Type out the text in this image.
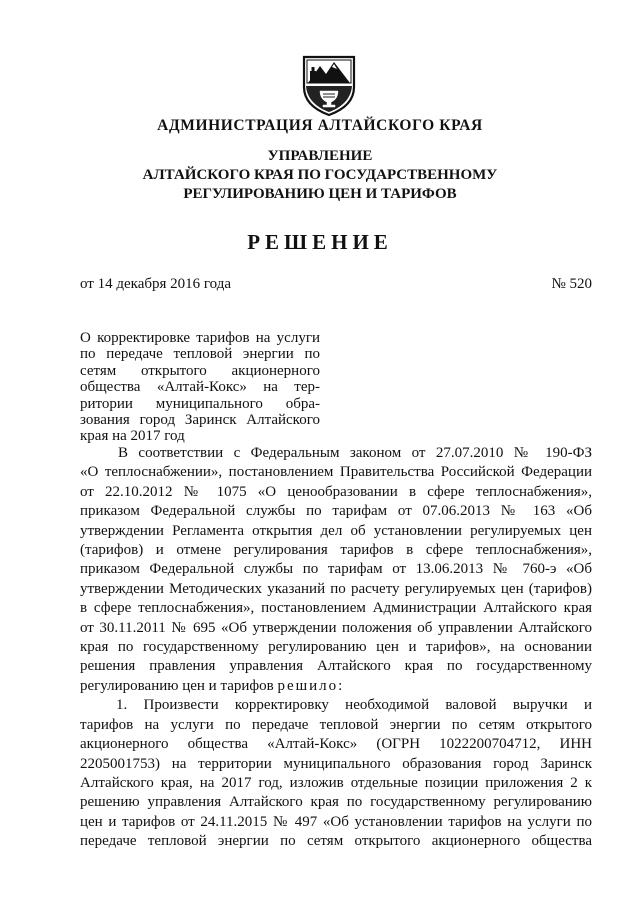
АДМИНИСТРАЦИЯ АЛТАЙСКОГО КРАЯ
УПРАВЛЕНИЕ
АЛТАЙСКОГО КРАЯ ПО ГОСУДАРСТВЕННОМУ
РЕГУЛИРОВАНИЮ ЦЕН И ТАРИФОВ
РЕШЕНИЕ
от 14 декабря 2016 года	№ 520
О корректировке тарифов на услуги
по передаче тепловой энергии по
сетям открытого акционерного
общества «Алтай-Кокс» на тер-
ритории муниципального обра-
зования город Заринск Алтайского
края на 2017 год
В соответствии с Федеральным законом от 27.07.2010 № 190-ФЗ
«О теплоснабжении», постановлением Правительства Российской Федерации
от 22.10.2012 № 1075 «О ценообразовании в сфере теплоснабжения»,
приказом Федеральной службы по тарифам от 07.06.2013 № 163 «Об
утверждении Регламента открытия дел об установлении регулируемых цен
(тарифов) и отмене регулирования тарифов в сфере теплоснабжения»,
приказом Федеральной службы по тарифам от 13.06.2013 № 760-э «Об
утверждении Методических указаний по расчету регулируемых цен (тарифов)
в сфере теплоснабжения», постановлением Администрации Алтайского края
от 30.11.2011 № 695 «Об утверждении положения об управлении Алтайского
края по государственному регулированию цен и тарифов», на основании
решения правления управления Алтайского края по государственному
регулированию цен и тарифов решило:
1. Произвести корректировку необходимой валовой выручки и
тарифов на услуги по передаче тепловой энергии по сетям открытого
акционерного общества «Алтай-Кокс» (ОГРН 1022200704712, ИНН
2205001753) на территории муниципального образования город Заринск
Алтайского края, на 2017 год, изложив отдельные позиции приложения 2 к
решению управления Алтайского края по государственному регулированию
цен и тарифов от 24.11.2015 № 497 «Об установлении тарифов на услуги по
передаче тепловой энергии по сетям открытого акционерного общества
